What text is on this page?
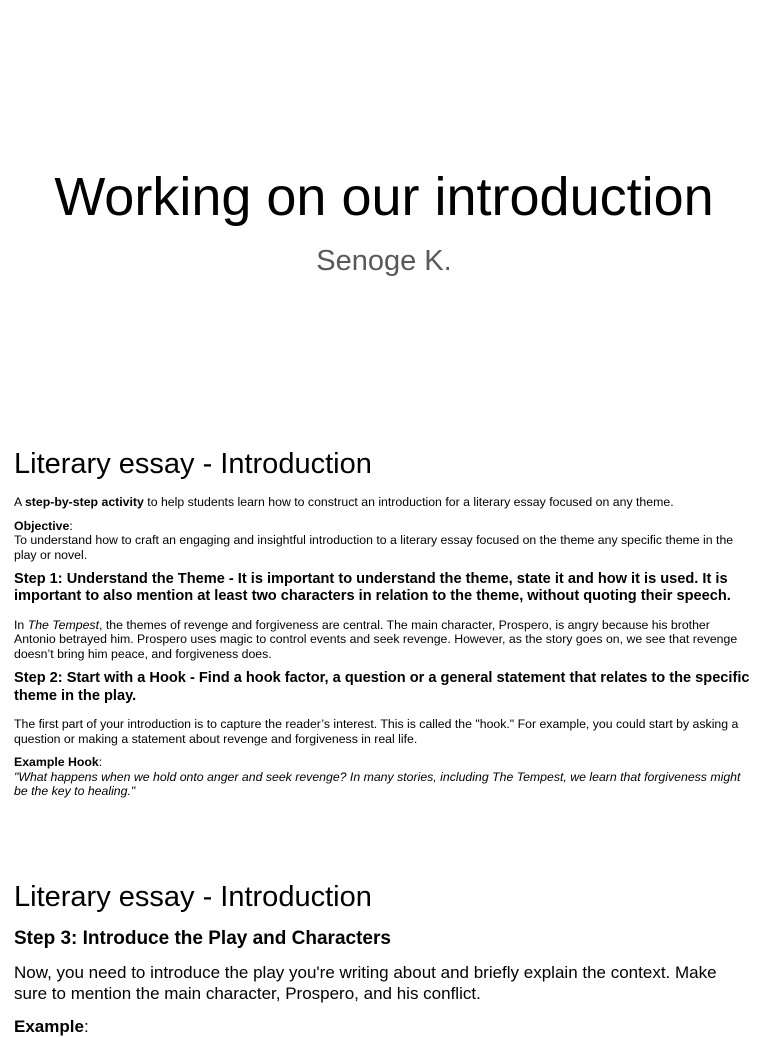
Working on our introduction
Senoge K.
Literary essay - Introduction

A step-by-step activity to help students learn how to construct an introduction for a literary essay focused on any theme.

Objective:
To understand how to craft an engaging and insightful introduction to a literary essay focused on the theme any specific theme in the play or novel.

Step 1: Understand the Theme - It is important to understand the theme, state it and how it is used. It is important to also mention at least two characters in relation to the theme, without quoting their speech.

In The Tempest, the themes of revenge and forgiveness are central. The main character, Prospero, is angry because his brother Antonio betrayed him. Prospero uses magic to control events and seek revenge. However, as the story goes on, we see that revenge doesn’t bring him peace, and forgiveness does.

Step 2: Start with a Hook - Find a hook factor, a question or a general statement that relates to the specific theme in the play.

The first part of your introduction is to capture the reader’s interest. This is called the "hook." For example, you could start by asking a question or making a statement about revenge and forgiveness in real life.

Example Hook:
"What happens when we hold onto anger and seek revenge? In many stories, including The Tempest, we learn that forgiveness might be the key to healing."

Literary essay - Introduction

Step 3: Introduce the Play and Characters

Now, you need to introduce the play you're writing about and briefly explain the context. Make sure to mention the main character, Prospero, and his conflict.

Example:
